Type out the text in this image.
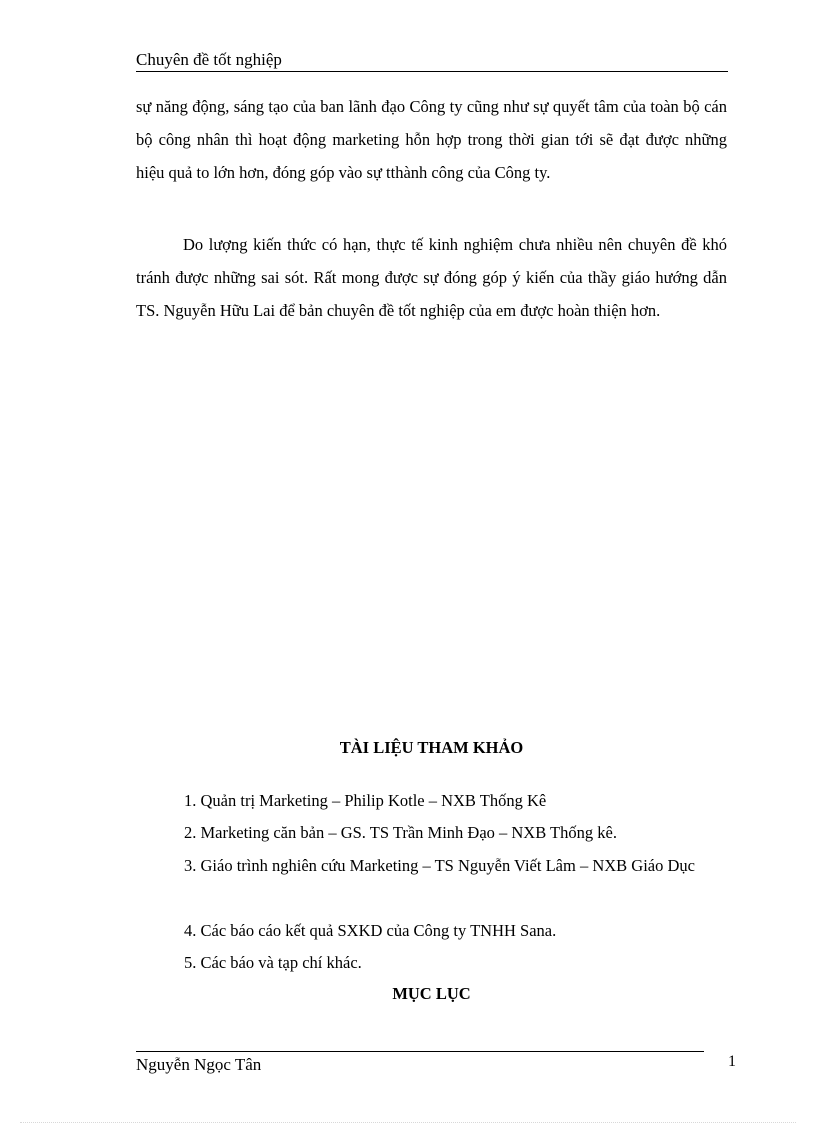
Chuyên đề tốt nghiệp

sự năng động, sáng tạo của ban lãnh đạo Công ty cũng như sự quyết tâm của toàn bộ cán bộ công nhân thì hoạt động marketing hỗn hợp trong thời gian tới sẽ đạt được những hiệu quả to lớn hơn, đóng góp vào sự tthành công của Công ty.

Do lượng kiến thức có hạn, thực tế kinh nghiệm chưa nhiều nên chuyên đề khó tránh được những sai sót. Rất mong được sự đóng góp ý kiến của thầy giáo hướng dẫn TS. Nguyễn Hữu Lai để bản chuyên đề tốt nghiệp của em được hoàn thiện hơn.

TÀI LIỆU THAM KHẢO

1. Quản trị Marketing – Philip Kotle – NXB Thống Kê

2. Marketing căn bản – GS. TS Trần Minh Đạo – NXB Thống kê.

3. Giáo trình nghiên cứu Marketing – TS Nguyễn Viết Lâm – NXB Giáo Dục

4. Các báo cáo kết quả SXKD của Công ty TNHH Sana.

5. Các báo và tạp chí khác.

MỤC LỤC
Nguyễn Ngọc Tân	1
